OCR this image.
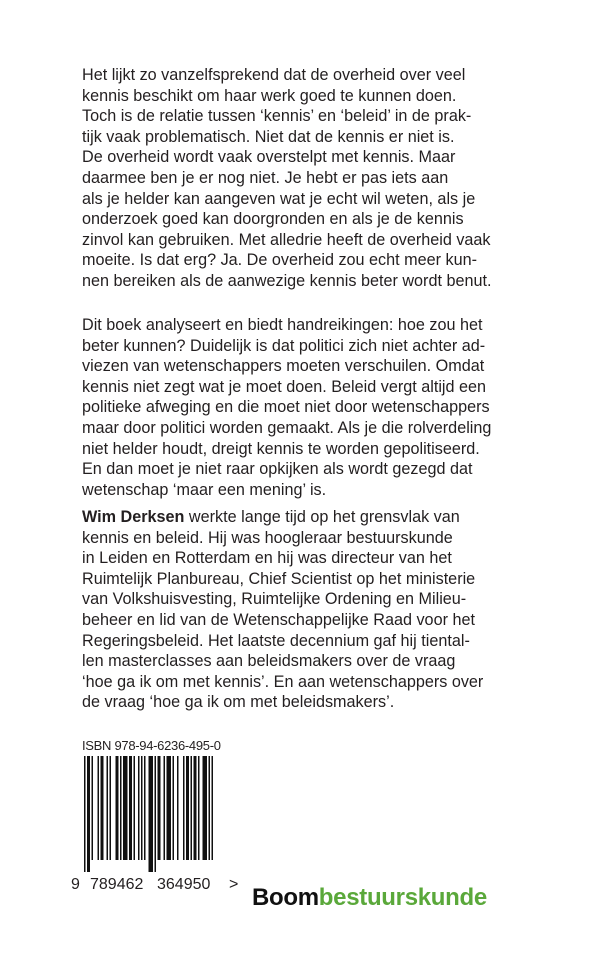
Het lijkt zo vanzelfsprekend dat de overheid over veel
kennis beschikt om haar werk goed te kunnen doen.
Toch is de relatie tussen ‘kennis’ en ‘beleid’ in de prak-
tijk vaak problematisch. Niet dat de kennis er niet is.
De overheid wordt vaak overstelpt met kennis. Maar
daarmee ben je er nog niet. Je hebt er pas iets aan
als je helder kan aangeven wat je echt wil weten, als je
onderzoek goed kan doorgronden en als je de kennis
zinvol kan gebruiken. Met alledrie heeft de overheid vaak
moeite. Is dat erg? Ja. De overheid zou echt meer kun-
nen bereiken als de aanwezige kennis beter wordt benut.
Dit boek analyseert en biedt handreikingen: hoe zou het
beter kunnen? Duidelijk is dat politici zich niet achter ad-
viezen van wetenschappers moeten verschuilen. Omdat
kennis niet zegt wat je moet doen. Beleid vergt altijd een
politieke afweging en die moet niet door wetenschappers
maar door politici worden gemaakt. Als je die rolverdeling
niet helder houdt, dreigt kennis te worden gepolitiseerd.
En dan moet je niet raar opkijken als wordt gezegd dat
wetenschap ‘maar een mening’ is.
Wim Derksen werkte lange tijd op het grensvlak van
kennis en beleid. Hij was hoogleraar bestuurskunde
in Leiden en Rotterdam en hij was directeur van het
Ruimtelijk Planbureau, Chief Scientist op het ministerie
van Volkshuisvesting, Ruimtelijke Ordening en Milieu-
beheer en lid van de Wetenschappelijke Raad voor het
Regeringsbeleid. Het laatste decennium gaf hij tiental-
len masterclasses aan beleidsmakers over de vraag
‘hoe ga ik om met kennis’. En aan wetenschappers over
de vraag ‘hoe ga ik om met beleidsmakers’.
ISBN 978-94-6236-495-0
9 789462 364950 > Boombestuurskunde
